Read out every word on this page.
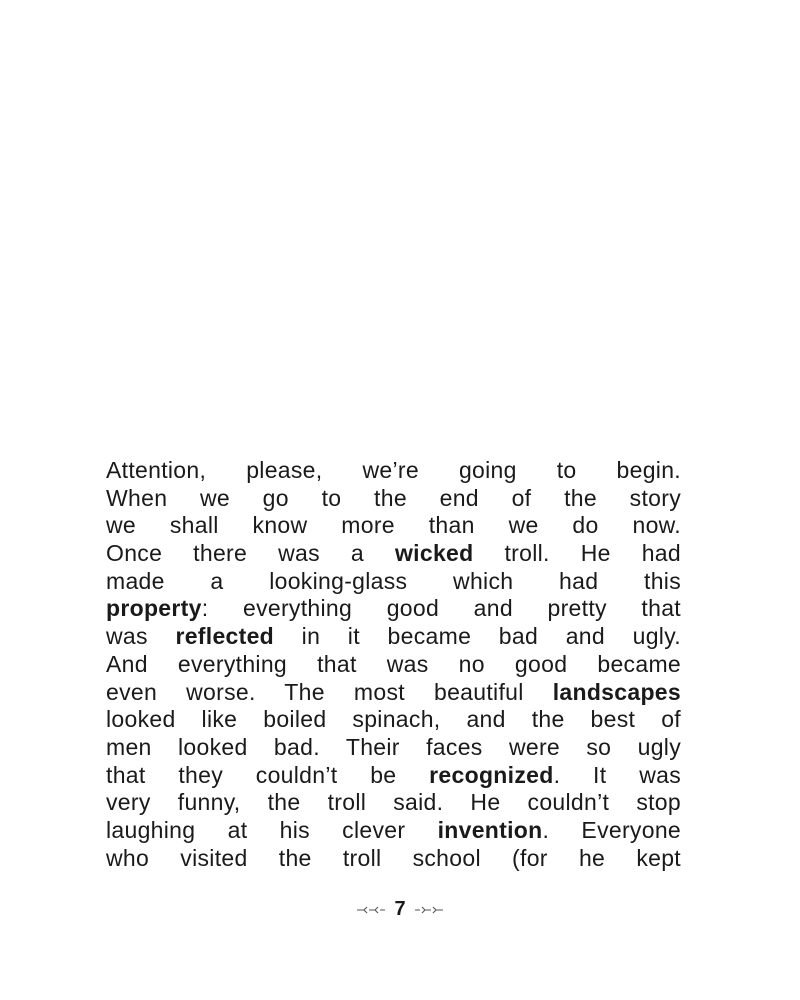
Attention, please, we’re going to begin.
When we go to the end of the story
we shall know more than we do now.
Once there was a wicked troll. He had
made a looking-glass which had this
property: everything good and pretty that
was reflected in it became bad and ugly.
And everything that was no good became
even worse. The most beautiful landscapes
looked like boiled spinach, and the best of
men looked bad. Their faces were so ugly
that they couldn’t be recognized. It was
very funny, the troll said. He couldn’t stop
laughing at his clever invention. Everyone
who visited the troll school (for he kept
7
